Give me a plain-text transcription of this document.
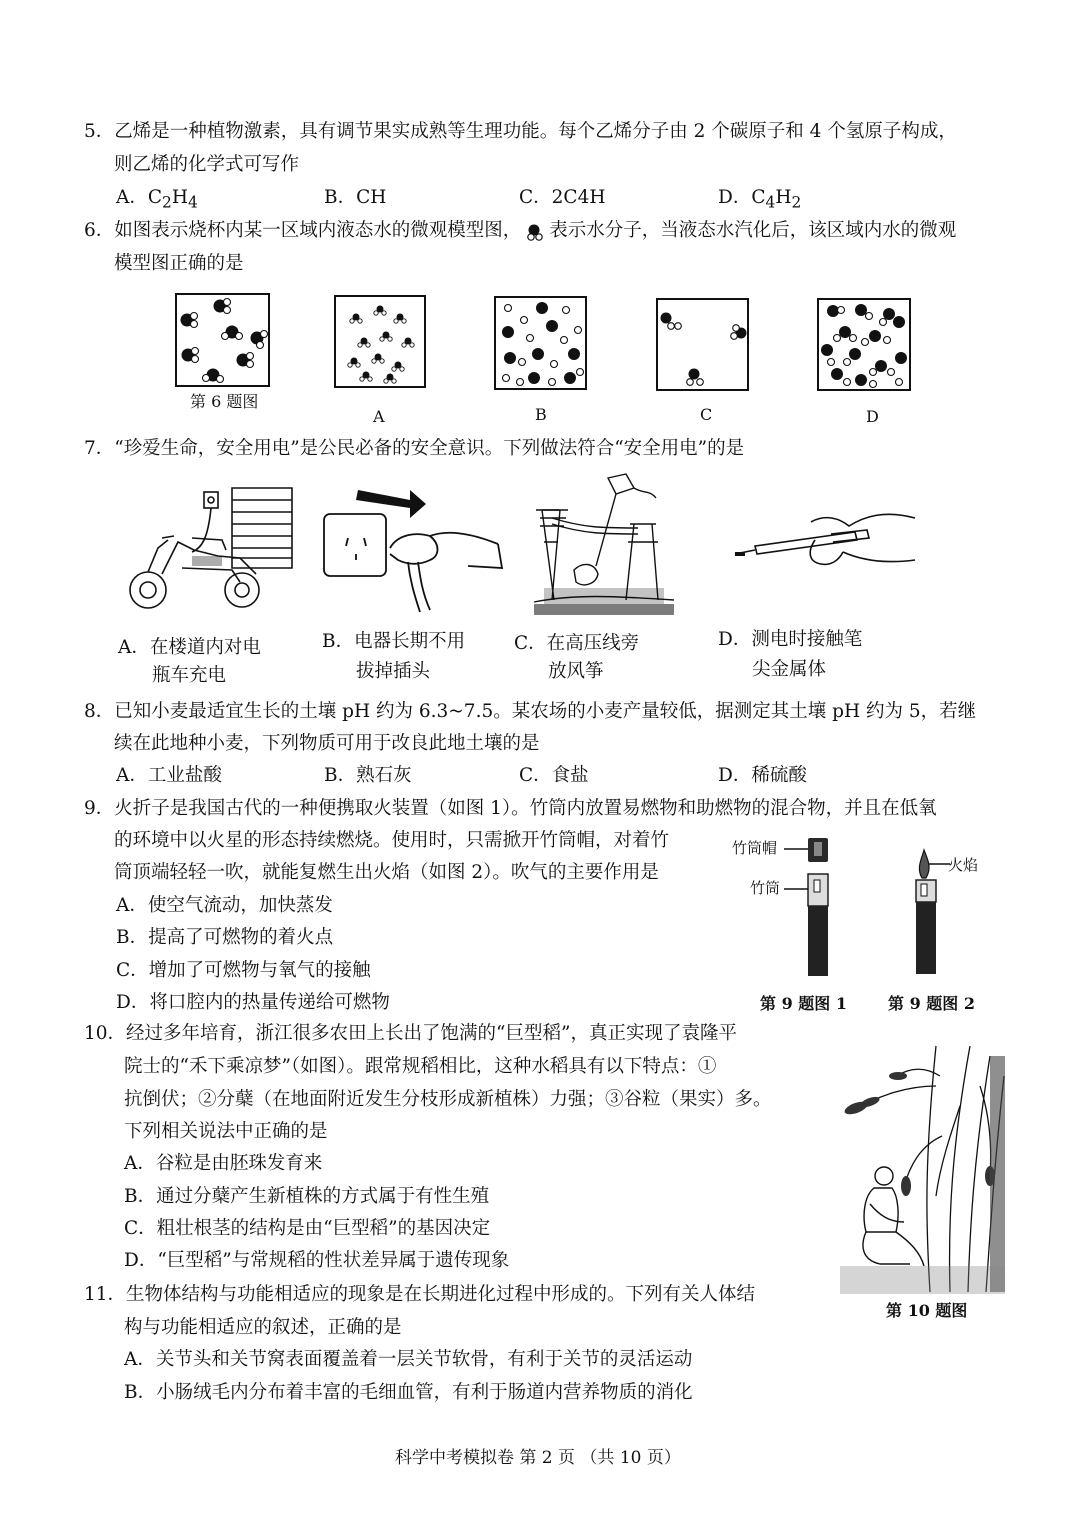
5．乙烯是一种植物激素，具有调节果实成熟等生理功能。每个乙烯分子由 2 个碳原子和 4 个氢原子构成，
则乙烯的化学式可写作
A．$C_2H_4$	B．CH	C．2C4H	D．$C_4H_2$
6．如图表示烧杯内某一区域内液态水的微观模型图， 表示水分子，当液态水汽化后，该区域内水的微观
模型图正确的是
第 6 题图
A	B	C	D
7．“珍爱生命，安全用电”是公民必备的安全意识。下列做法符合“安全用电”的是
A．在楼道内对电
瓶车充电
B．电器长期不用
拔掉插头
C．在高压线旁
放风筝
D．测电时接触笔
尖金属体
8．已知小麦最适宜生长的土壤 pH 约为 6.3~7.5。某农场的小麦产量较低，据测定其土壤 pH 约为 5，若继
续在此地种小麦，下列物质可用于改良此地土壤的是
A．工业盐酸	B．熟石灰	C．食盐	D．稀硫酸
9．火折子是我国古代的一种便携取火装置（如图 1）。竹筒内放置易燃物和助燃物的混合物，并且在低氧
的环境中以火星的形态持续燃烧。使用时，只需掀开竹筒帽，对着竹
筒顶端轻轻一吹，就能复燃生出火焰（如图 2）。吹气的主要作用是
A．使空气流动，加快蒸发
B．提高了可燃物的着火点
C．增加了可燃物与氧气的接触
D．将口腔内的热量传递给可燃物
竹筒帽
竹筒
火焰
第 9 题图 1	第 9 题图 2
10．经过多年培育，浙江很多农田上长出了饱满的“巨型稻”，真正实现了袁隆平
院士的“禾下乘凉梦”（如图）。跟常规稻相比，这种水稻具有以下特点：①
抗倒伏；②分蘖（在地面附近发生分枝形成新植株）力强；③谷粒（果实）多。
下列相关说法中正确的是
A．谷粒是由胚珠发育来
B．通过分蘖产生新植株的方式属于有性生殖
C．粗壮根茎的结构是由“巨型稻”的基因决定
D．“巨型稻”与常规稻的性状差异属于遗传现象
第 10 题图
11．生物体结构与功能相适应的现象是在长期进化过程中形成的。下列有关人体结
构与功能相适应的叙述，正确的是
A．关节头和关节窝表面覆盖着一层关节软骨，有利于关节的灵活运动
B．小肠绒毛内分布着丰富的毛细血管，有利于肠道内营养物质的消化
科学中考模拟卷 第 2 页 （共 10 页）
